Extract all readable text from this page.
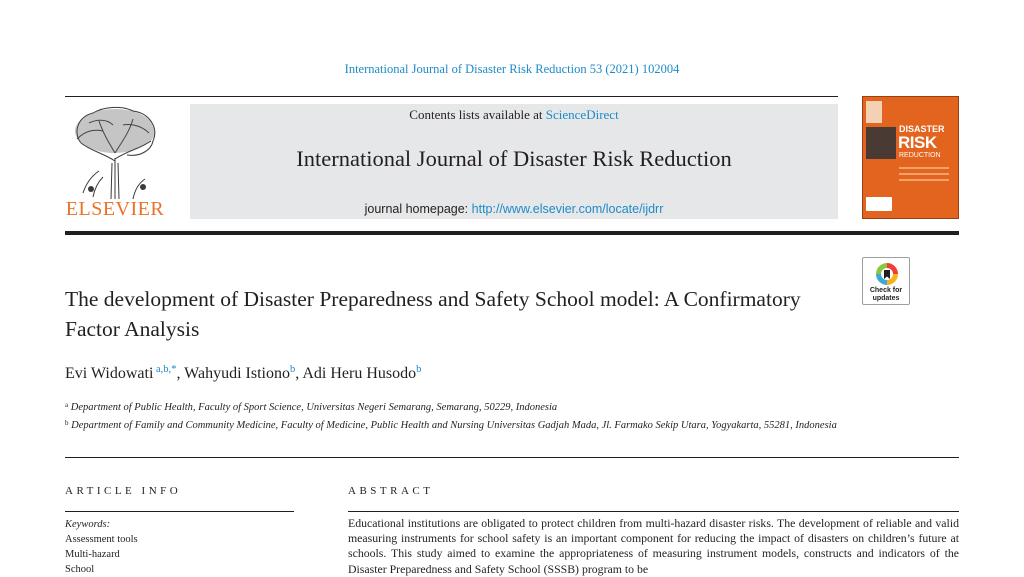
International Journal of Disaster Risk Reduction 53 (2021) 102004
ELSEVIER
Contents lists available at ScienceDirect
International Journal of Disaster Risk Reduction
journal homepage: http://www.elsevier.com/locate/ijdrr
DISASTER
RISK
REDUCTION
Check for
updates
The development of Disaster Preparedness and Safety School model: A Confirmatory Factor Analysis
Evi Widowati $^{a,b,*}$, Wahyudi Istiono$^b$, Adi Heru Husodo$^b$
$^a$ Department of Public Health, Faculty of Sport Science, Universitas Negeri Semarang, Semarang, 50229, Indonesia
$^b$ Department of Family and Community Medicine, Faculty of Medicine, Public Health and Nursing Universitas Gadjah Mada, Jl. Farmako Sekip Utara, Yogyakarta, 55281, Indonesia
ARTICLE INFO	ABSTRACT
Keywords:
Assessment tools
Multi-hazard
School
Educational institutions are obligated to protect children from multi-hazard disaster risks. The development of reliable and valid measuring instruments for school safety is an important component for reducing the impact of disasters on children’s future at schools. This study aimed to examine the appropriateness of measuring instrument models, constructs and indicators of the Disaster Preparedness and Safety School (SSSB) program to be
